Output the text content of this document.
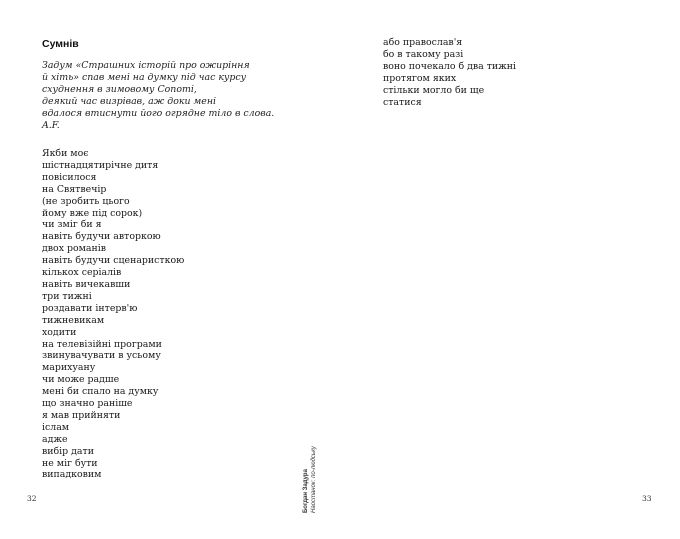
Сумнів
Задум «Страшних історій про ожиріння
й хіть» спав мені на думку під час курсу
схуднення в зимовому Сопоті,
деякий час визрівав, аж доки мені
вдалося втиснути його огрядне тіло в слова.
A.F.
Якби моє
шістнадцятирічне дитя
повісилося
на Святвечір
(не зробить цього
йому вже під сорок)
чи зміг би я
навіть будучи авторкою
двох романів
навіть будучи сценаристкою
кількох серіалів
навіть вичекавши
три тижні
роздавати інтерв'ю
тижневикам
ходити
на телевізійні програми
звинувачувати в усьому
марихуану
чи може радше
мені би спало на думку
що значно раніше
я мав прийняти
іслам
адже
вибір дати
не міг бути
випадковим
32	Богдан Задура Наостанок: по-людську
або православ'я
бо в такому разі
воно почекало б два тижні
протягом яких
стільки могло би ще
статися
33
